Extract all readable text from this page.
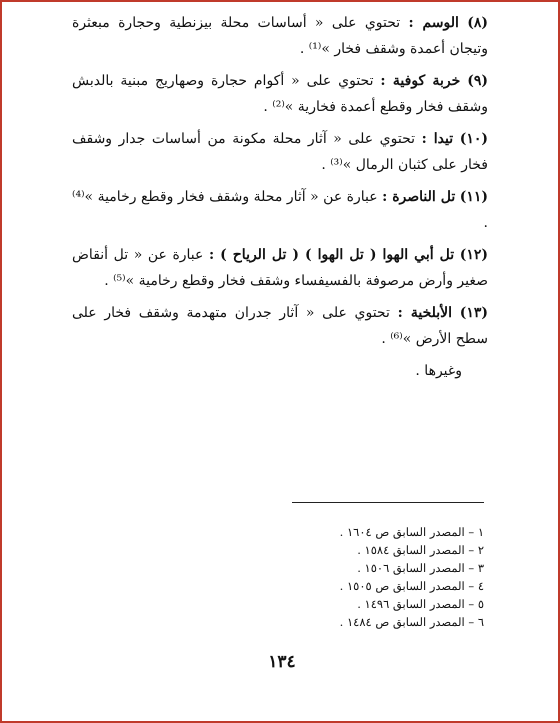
(٨) الوسم : تحتوي على « أساسات محلة بيزنطية وحجارة مبعثرة وتيجان أعمدة وشقف فخار »⁽¹⁾ .

(٩) خربة كوفية : تحتوي على « أكوام حجارة وصهاريج مبنية بالدبش وشقف فخار وقطع أعمدة فخارية »⁽²⁾ .

(١٠) تيدا : تحتوي على « آثار محلة مكونة من أساسات جدار وشقف فخار على كثبان الرمال »⁽³⁾ .

(١١) تل الناصرة : عبارة عن « آثار محلة وشقف فخار وقطع رخامية »⁽⁴⁾ .

(١٢) تل أبي الهوا ( تل الهوا ) ( تل الرياح ) : عبارة عن « تل أنقاض صغير وأرض مرصوفة بالفسيفساء وشقف فخار وقطع رخامية »⁽⁵⁾ .

(١٣) الأبلخية : تحتوي على « آثار جدران متهدمة وشقف فخار على سطح الأرض »⁽⁶⁾ .

وغيرها .
١ – المصدر السابق ص ١٦٠٤ .
٢ – المصدر السابق ١٥٨٤ .
٣ – المصدر السابق ١٥٠٦ .
٤ – المصدر السابق ص ١٥٠٥ .
٥ – المصدر السابق ١٤٩٦ .
٦ – المصدر السابق ص ١٤٨٤ .
١٣٤
